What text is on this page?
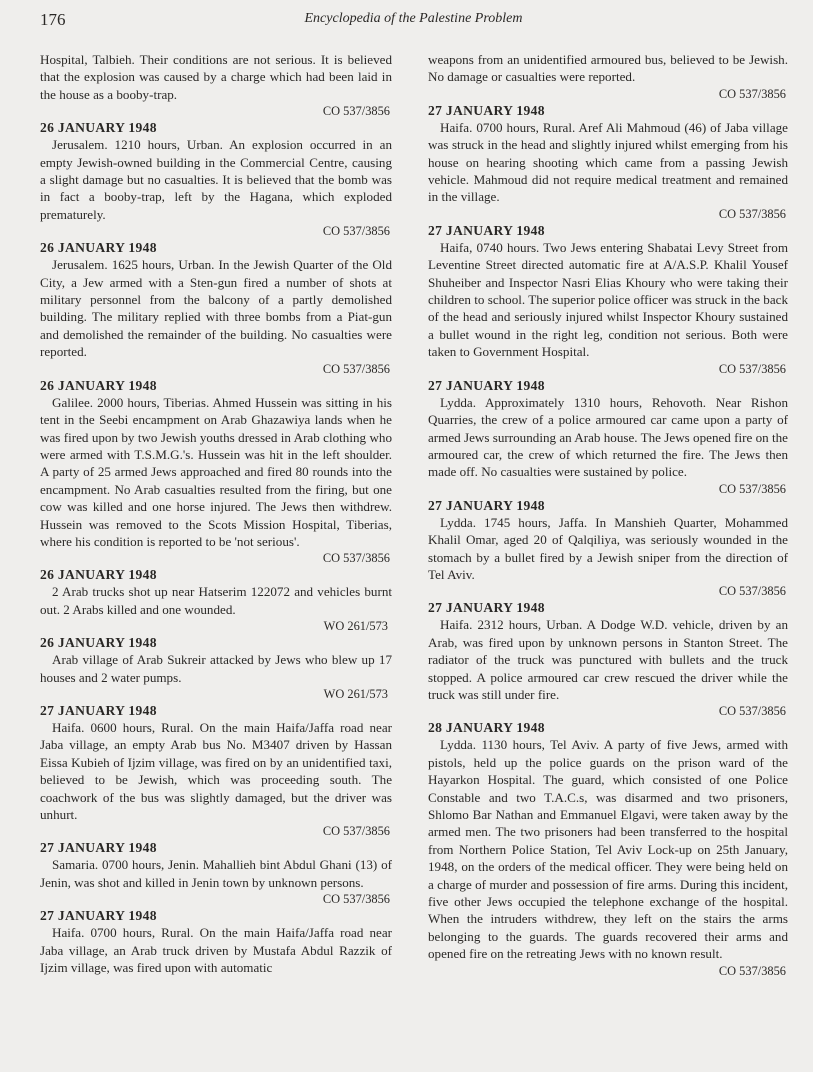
176	Encyclopedia of the Palestine Problem

Hospital, Talbieh. Their conditions are not serious. It is believed that the explosion was caused by a charge which had been laid in the house as a booby-trap.

CO 537/3856
26 JANUARY 1948

Jerusalem. 1210 hours, Urban. An explosion occurred in an empty Jewish-owned building in the Commercial Centre, causing a slight damage but no casualties. It is believed that the bomb was in fact a booby-trap, left by the Hagana, which exploded prematurely.

CO 537/3856
26 JANUARY 1948

Jerusalem. 1625 hours, Urban. In the Jewish Quarter of the Old City, a Jew armed with a Sten-gun fired a number of shots at military personnel from the balcony of a partly demolished building. The military replied with three bombs from a Piat-gun and demolished the remainder of the building. No casualties were reported.

CO 537/3856
26 JANUARY 1948

Galilee. 2000 hours, Tiberias. Ahmed Hussein was sitting in his tent in the Seebi encampment on Arab Ghazawiya lands when he was fired upon by two Jewish youths dressed in Arab clothing who were armed with T.S.M.G.'s. Hussein was hit in the left shoulder. A party of 25 armed Jews approached and fired 80 rounds into the encampment. No Arab casualties resulted from the firing, but one cow was killed and one horse injured. The Jews then withdrew. Hussein was removed to the Scots Mission Hospital, Tiberias, where his condition is reported to be 'not serious'.

CO 537/3856
26 JANUARY 1948

2 Arab trucks shot up near Hatserim 122072 and vehicles burnt out. 2 Arabs killed and one wounded.

WO 261/573
26 JANUARY 1948

Arab village of Arab Sukreir attacked by Jews who blew up 17 houses and 2 water pumps.

WO 261/573
27 JANUARY 1948

Haifa. 0600 hours, Rural. On the main Haifa/Jaffa road near Jaba village, an empty Arab bus No. M3407 driven by Hassan Eissa Kubieh of Ijzim village, was fired on by an unidentified taxi, believed to be Jewish, which was proceeding south. The coachwork of the bus was slightly damaged, but the driver was unhurt.

CO 537/3856
27 JANUARY 1948

Samaria. 0700 hours, Jenin. Mahallieh bint Abdul Ghani (13) of Jenin, was shot and killed in Jenin town by unknown persons.

CO 537/3856
27 JANUARY 1948

Haifa. 0700 hours, Rural. On the main Haifa/Jaffa road near Jaba village, an Arab truck driven by Mustafa Abdul Razzik of Ijzim village, was fired upon with automatic

weapons from an unidentified armoured bus, believed to be Jewish. No damage or casualties were reported.

CO 537/3856
27 JANUARY 1948

Haifa. 0700 hours, Rural. Aref Ali Mahmoud (46) of Jaba village was struck in the head and slightly injured whilst emerging from his house on hearing shooting which came from a passing Jewish vehicle. Mahmoud did not require medical treatment and remained in the village.

CO 537/3856
27 JANUARY 1948

Haifa, 0740 hours. Two Jews entering Shabatai Levy Street from Leventine Street directed automatic fire at A/A.S.P. Khalil Yousef Shuheiber and Inspector Nasri Elias Khoury who were taking their children to school. The superior police officer was struck in the back of the head and seriously injured whilst Inspector Khoury sustained a bullet wound in the right leg, condition not serious. Both were taken to Government Hospital.

CO 537/3856
27 JANUARY 1948

Lydda. Approximately 1310 hours, Rehovoth. Near Rishon Quarries, the crew of a police armoured car came upon a party of armed Jews surrounding an Arab house. The Jews opened fire on the armoured car, the crew of which returned the fire. The Jews then made off. No casualties were sustained by police.

CO 537/3856
27 JANUARY 1948

Lydda. 1745 hours, Jaffa. In Manshieh Quarter, Mohammed Khalil Omar, aged 20 of Qalqiliya, was seriously wounded in the stomach by a bullet fired by a Jewish sniper from the direction of Tel Aviv.

CO 537/3856
27 JANUARY 1948

Haifa. 2312 hours, Urban. A Dodge W.D. vehicle, driven by an Arab, was fired upon by unknown persons in Stanton Street. The radiator of the truck was punctured with bullets and the truck stopped. A police armoured car crew rescued the driver while the truck was still under fire.

CO 537/3856
28 JANUARY 1948

Lydda. 1130 hours, Tel Aviv. A party of five Jews, armed with pistols, held up the police guards on the prison ward of the Hayarkon Hospital. The guard, which consisted of one Police Constable and two T.A.C.s, was disarmed and two prisoners, Shlomo Bar Nathan and Emmanuel Elgavi, were taken away by the armed men. The two prisoners had been transferred to the hospital from Northern Police Station, Tel Aviv Lock-up on 25th January, 1948, on the orders of the medical officer. They were being held on a charge of murder and possession of fire arms. During this incident, five other Jews occupied the telephone exchange of the hospital. When the intruders withdrew, they left on the stairs the arms belonging to the guards. The guards recovered their arms and opened fire on the retreating Jews with no known result.

CO 537/3856
